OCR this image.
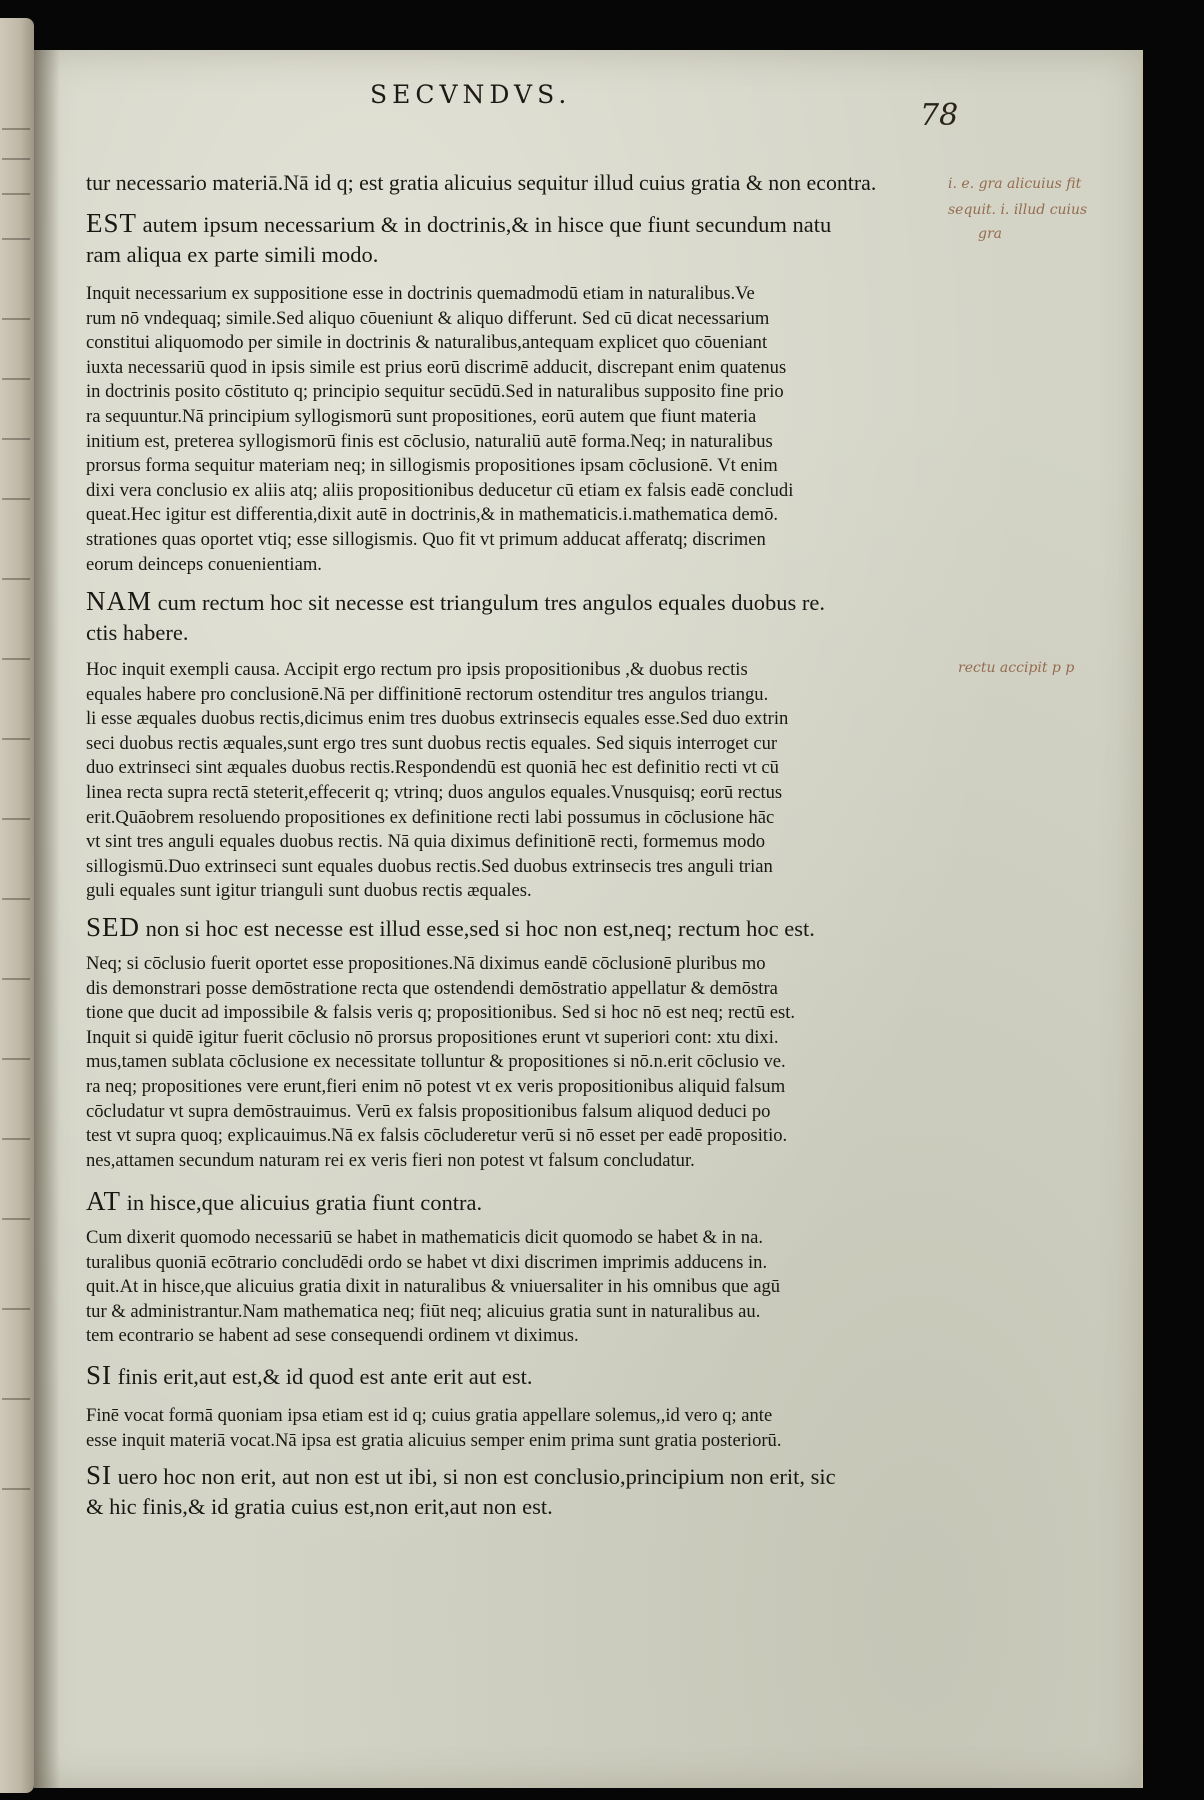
SECVNDVS.
78
i. e. gra alicuius fit
sequit. i. illud cuius
gra
rectu accipit p p
tur necessario materiā.Nā id q; est gratia alicuius sequitur illud cuius gratia & non econtra.
EST autem ipsum necessarium & in doctrinis,& in hisce que fiunt secundum natu
ram aliqua ex parte simili modo.
Inquit necessarium ex suppositione esse in doctrinis quemadmodū etiam in naturalibus.Ve
rum nō vndequaq; simile.Sed aliquo cōueniunt & aliquo differunt. Sed cū dicat necessarium
constitui aliquomodo per simile in doctrinis & naturalibus,antequam explicet quo cōueniant
iuxta necessariū quod in ipsis simile est prius eorū discrimē adducit, discrepant enim quatenus
in doctrinis posito cōstituto q; principio sequitur secūdū.Sed in naturalibus supposito fine prio
ra sequuntur.Nā principium syllogismorū sunt propositiones, eorū autem que fiunt materia
initium est, preterea syllogismorū finis est cōclusio, naturaliū autē forma.Neq; in naturalibus
prorsus forma sequitur materiam neq; in sillogismis propositiones ipsam cōclusionē. Vt enim
dixi vera conclusio ex aliis atq; aliis propositionibus deducetur cū etiam ex falsis eadē concludi
queat.Hec igitur est differentia,dixit autē in doctrinis,& in mathematicis.i.mathematica demō.
strationes quas oportet vtiq; esse sillogismis. Quo fit vt primum adducat afferatq; discrimen
eorum deinceps conuenientiam.
NAM cum rectum hoc sit necesse est triangulum tres angulos equales duobus re.
ctis habere.
Hoc inquit exempli causa. Accipit ergo rectum pro ipsis propositionibus ,& duobus rectis
equales habere pro conclusionē.Nā per diffinitionē rectorum ostenditur tres angulos triangu.
li esse æquales duobus rectis,dicimus enim tres duobus extrinsecis equales esse.Sed duo extrin
seci duobus rectis æquales,sunt ergo tres sunt duobus rectis equales. Sed siquis interroget cur
duo extrinseci sint æquales duobus rectis.Respondendū est quoniā hec est definitio recti vt cū
linea recta supra rectā steterit,effecerit q; vtrinq; duos angulos equales.Vnusquisq; eorū rectus
erit.Quāobrem resoluendo propositiones ex definitione recti labi possumus in cōclusione hāc
vt sint tres anguli equales duobus rectis. Nā quia diximus definitionē recti, formemus modo
sillogismū.Duo extrinseci sunt equales duobus rectis.Sed duobus extrinsecis tres anguli trian
guli equales sunt igitur trianguli sunt duobus rectis æquales.
SED non si hoc est necesse est illud esse,sed si hoc non est,neq; rectum hoc est.
Neq; si cōclusio fuerit oportet esse propositiones.Nā diximus eandē cōclusionē pluribus mo
dis demonstrari posse demōstratione recta que ostendendi demōstratio appellatur & demōstra
tione que ducit ad impossibile & falsis veris q; propositionibus. Sed si hoc nō est neq; rectū est.
Inquit si quidē igitur fuerit cōclusio nō prorsus propositiones erunt vt superiori cont: xtu dixi.
mus,tamen sublata cōclusione ex necessitate tolluntur & propositiones si nō.n.erit cōclusio ve.
ra neq; propositiones vere erunt,fieri enim nō potest vt ex veris propositionibus aliquid falsum
cōcludatur vt supra demōstrauimus. Verū ex falsis propositionibus falsum aliquod deduci po
test vt supra quoq; explicauimus.Nā ex falsis cōcluderetur verū si nō esset per eadē propositio.
nes,attamen secundum naturam rei ex veris fieri non potest vt falsum concludatur.
AT in hisce,que alicuius gratia fiunt contra.
Cum dixerit quomodo necessariū se habet in mathematicis dicit quomodo se habet & in na.
turalibus quoniā ecōtrario concludēdi ordo se habet vt dixi discrimen imprimis adducens in.
quit.At in hisce,que alicuius gratia dixit in naturalibus & vniuersaliter in his omnibus que agū
tur & administrantur.Nam mathematica neq; fiūt neq; alicuius gratia sunt in naturalibus au.
tem econtrario se habent ad sese consequendi ordinem vt diximus.
SI finis erit,aut est,& id quod est ante erit aut est.
Finē vocat formā quoniam ipsa etiam est id q; cuius gratia appellare solemus,,id vero q; ante
esse inquit materiā vocat.Nā ipsa est gratia alicuius semper enim prima sunt gratia posteriorū.
SI uero hoc non erit, aut non est ut ibi, si non est conclusio,principium non erit, sic
& hic finis,& id gratia cuius est,non erit,aut non est.
